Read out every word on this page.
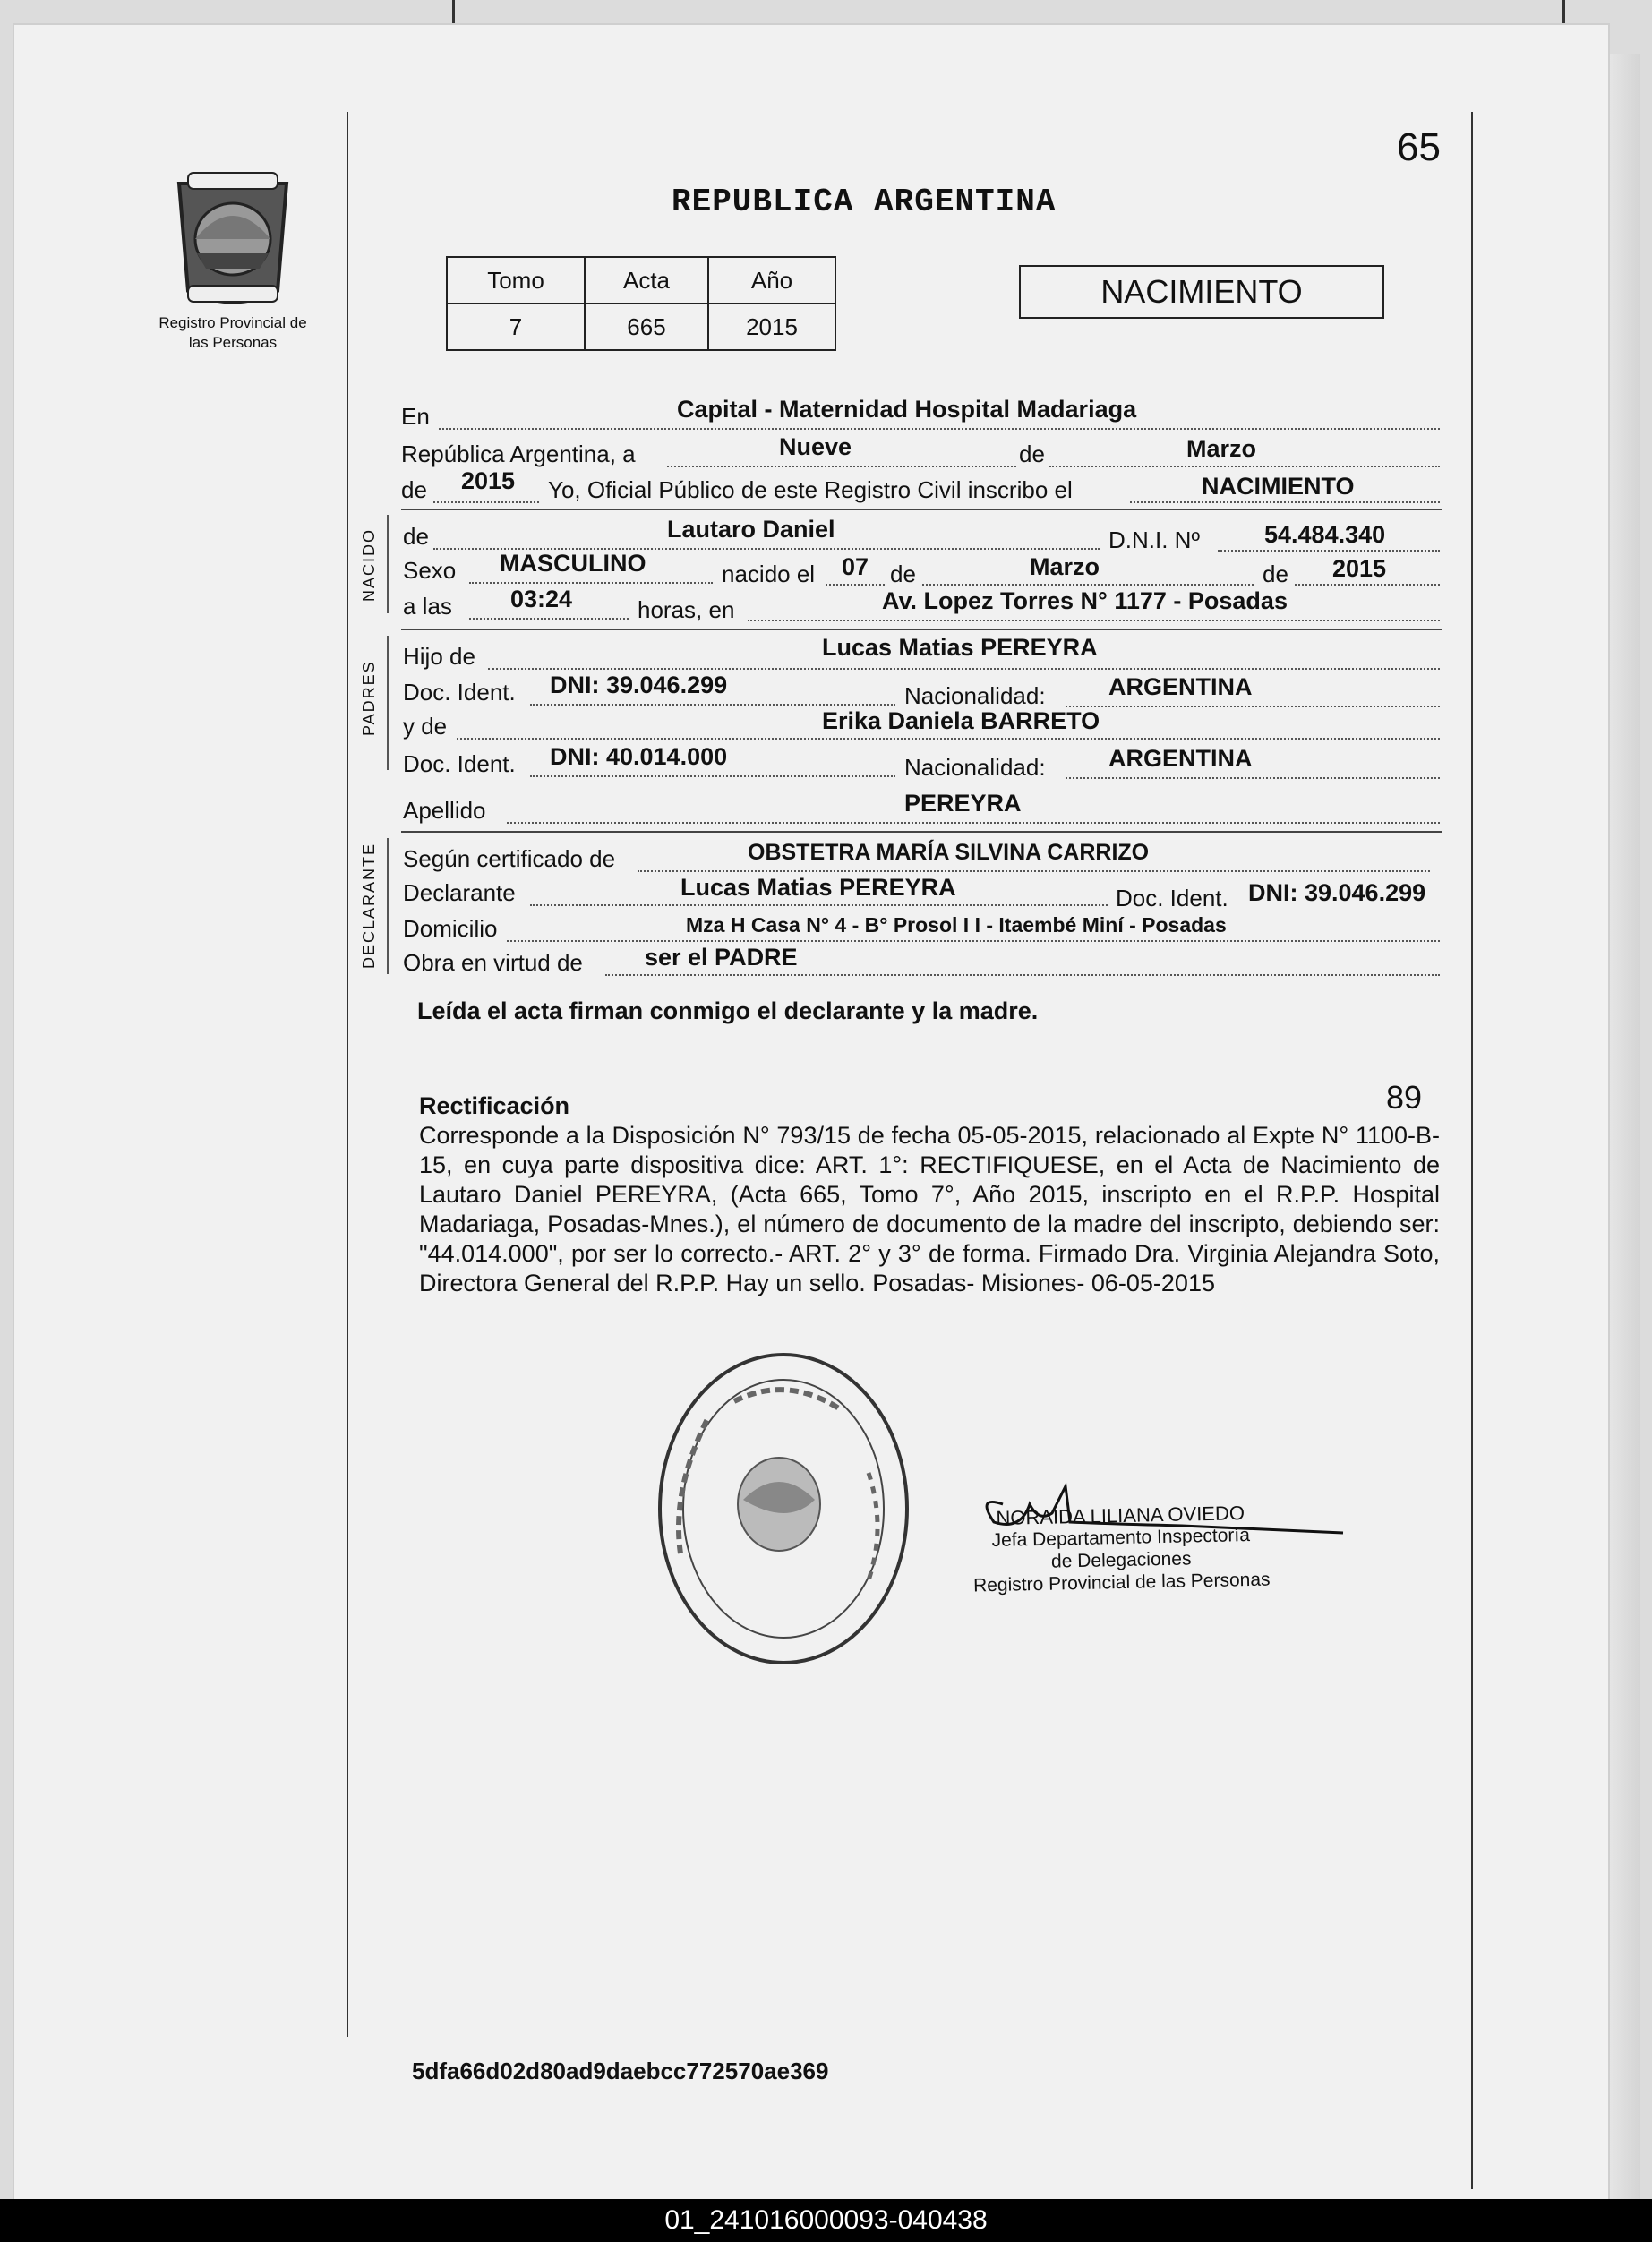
Registro Provincial de las Personas
65
REPUBLICA ARGENTINA
Tomo	Acta	Año
7	665	2015
NACIMIENTO
En	Capital - Maternidad Hospital Madariaga
República Argentina, a	Nueve	de	Marzo
de 2015 Yo, Oficial Público de este Registro Civil inscribo el	NACIMIENTO
NACIDO de	Lautaro Daniel	D.N.I. Nº	54.484.340
Sexo MASCULINO	nacido el 07 de	Marzo	de 2015
a las 03:24	horas, en	Av. Lopez Torres N° 1177 - Posadas
PADRES
Hijo de	Lucas Matias PEREYRA
Doc. Ident. DNI: 39.046.299	Nacionalidad:	ARGENTINA
y de	Erika Daniela BARRETO
Doc. Ident. DNI: 40.014.000	Nacionalidad:	ARGENTINA
Apellido	PEREYRA
DECLARANTE Según certificado de	OBSTETRA MARÍA SILVINA CARRIZO
Declarante	Lucas Matias PEREYRA	Doc. Ident. DNI: 39.046.299
Domicilio	Mza H Casa N° 4 - B° Prosol I I - Itaembé Miní - Posadas
Obra en virtud de	ser el PADRE
Leída el acta firman conmigo el declarante y la madre.
Rectificación	89
Corresponde a la Disposición N° 793/15 de fecha 05-05-2015, relacionado al Expte N° 1100-B-15, en cuya parte dispositiva dice: ART. 1°: RECTIFIQUESE, en el Acta de Nacimiento de Lautaro Daniel PEREYRA, (Acta 665, Tomo 7°, Año 2015, inscripto en el R.P.P. Hospital Madariaga, Posadas-Mnes.), el número de documento de la madre del inscripto, debiendo ser: "44.014.000", por ser lo correcto.- ART. 2° y 3° de forma. Firmado Dra. Virginia Alejandra Soto, Directora General del R.P.P. Hay un sello. Posadas- Misiones- 06-05-2015
NORAIDA LILIANA OVIEDO
Jefa Departamento Inspectoría
de Delegaciones
Registro Provincial de las Personas
5dfa66d02d80ad9daebcc772570ae369
01_241016000093-040438
